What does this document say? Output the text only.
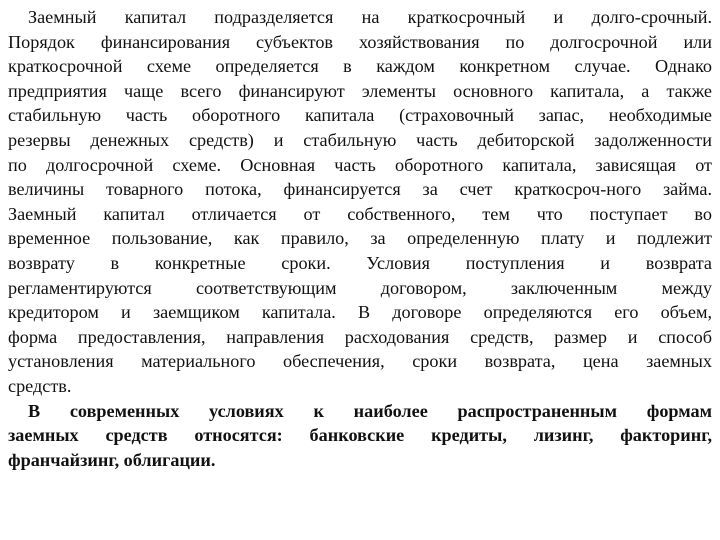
Заемный капитал подразделяется на краткосрочный и долго-срочный.
Порядок финансирования субъектов хозяйствования по долгосрочной или
краткосрочной схеме определяется в каждом конкретном случае. Однако
предприятия чаще всего финансируют элементы основного капитала, а также
стабильную часть оборотного капитала (страховочный запас, необходимые
резервы денежных средств) и стабильную часть дебиторской задолженности
по долгосрочной схеме. Основная часть оборотного капитала, зависящая от
величины товарного потока, финансируется за счет краткосроч-ного займа.
Заемный капитал отличается от собственного, тем что поступает во
временное пользование, как правило, за определенную плату и подлежит
возврату в конкретные сроки. Условия поступления и возврата
регламентируются соответствующим договором, заключенным между
кредитором и заемщиком капитала. В договоре определяются его объем,
форма предоставления, направления расходования средств, размер и способ
установления материального обеспечения, сроки возврата, цена заемных
средств.
В современных условиях к наиболее распространенным формам
заемных средств относятся: банковские кредиты, лизинг, факторинг,
франчайзинг, облигации.
